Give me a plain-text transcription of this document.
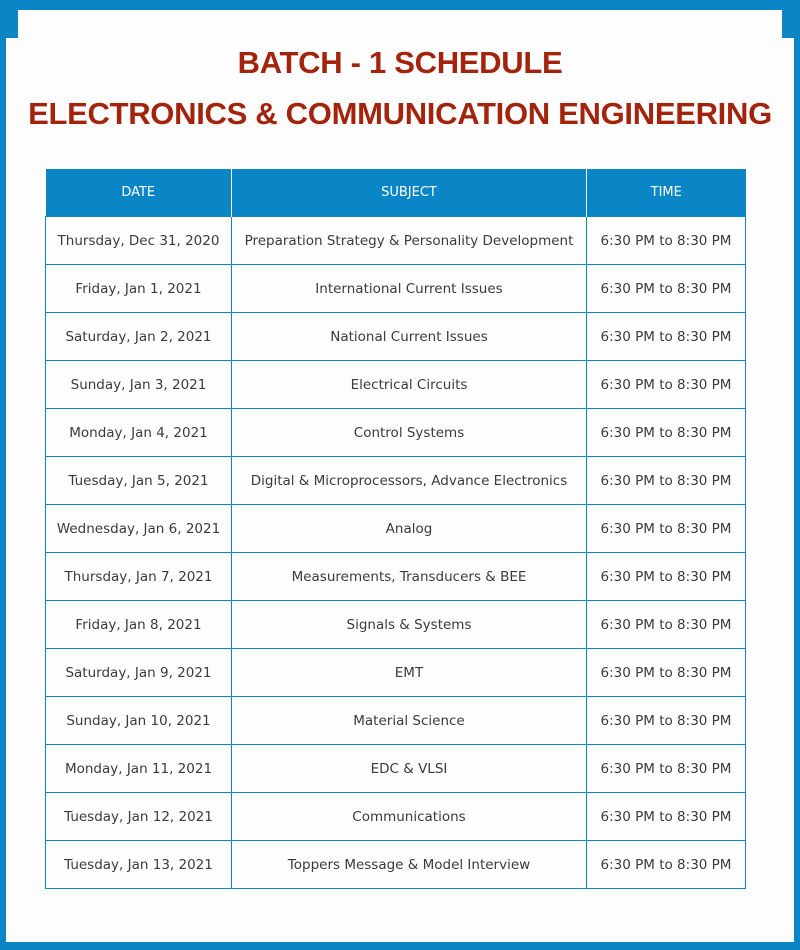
BATCH - 1 SCHEDULE
ELECTRONICS & COMMUNICATION ENGINEERING
DATE	SUBJECT	TIME
Thursday, Dec 31, 2020	Preparation Strategy & Personality Development	6:30 PM to 8:30 PM
Friday, Jan 1, 2021	International Current Issues	6:30 PM to 8:30 PM
Saturday, Jan 2, 2021	National Current Issues	6:30 PM to 8:30 PM
Sunday, Jan 3, 2021	Electrical Circuits	6:30 PM to 8:30 PM
Monday, Jan 4, 2021	Control Systems	6:30 PM to 8:30 PM
Tuesday, Jan 5, 2021	Digital & Microprocessors, Advance Electronics	6:30 PM to 8:30 PM
Wednesday, Jan 6, 2021	Analog	6:30 PM to 8:30 PM
Thursday, Jan 7, 2021	Measurements, Transducers & BEE	6:30 PM to 8:30 PM
Friday, Jan 8, 2021	Signals & Systems	6:30 PM to 8:30 PM
Saturday, Jan 9, 2021	EMT	6:30 PM to 8:30 PM
Sunday, Jan 10, 2021	Material Science	6:30 PM to 8:30 PM
Monday, Jan 11, 2021	EDC & VLSI	6:30 PM to 8:30 PM
Tuesday, Jan 12, 2021	Communications	6:30 PM to 8:30 PM
Tuesday, Jan 13, 2021	Toppers Message & Model Interview	6:30 PM to 8:30 PM
